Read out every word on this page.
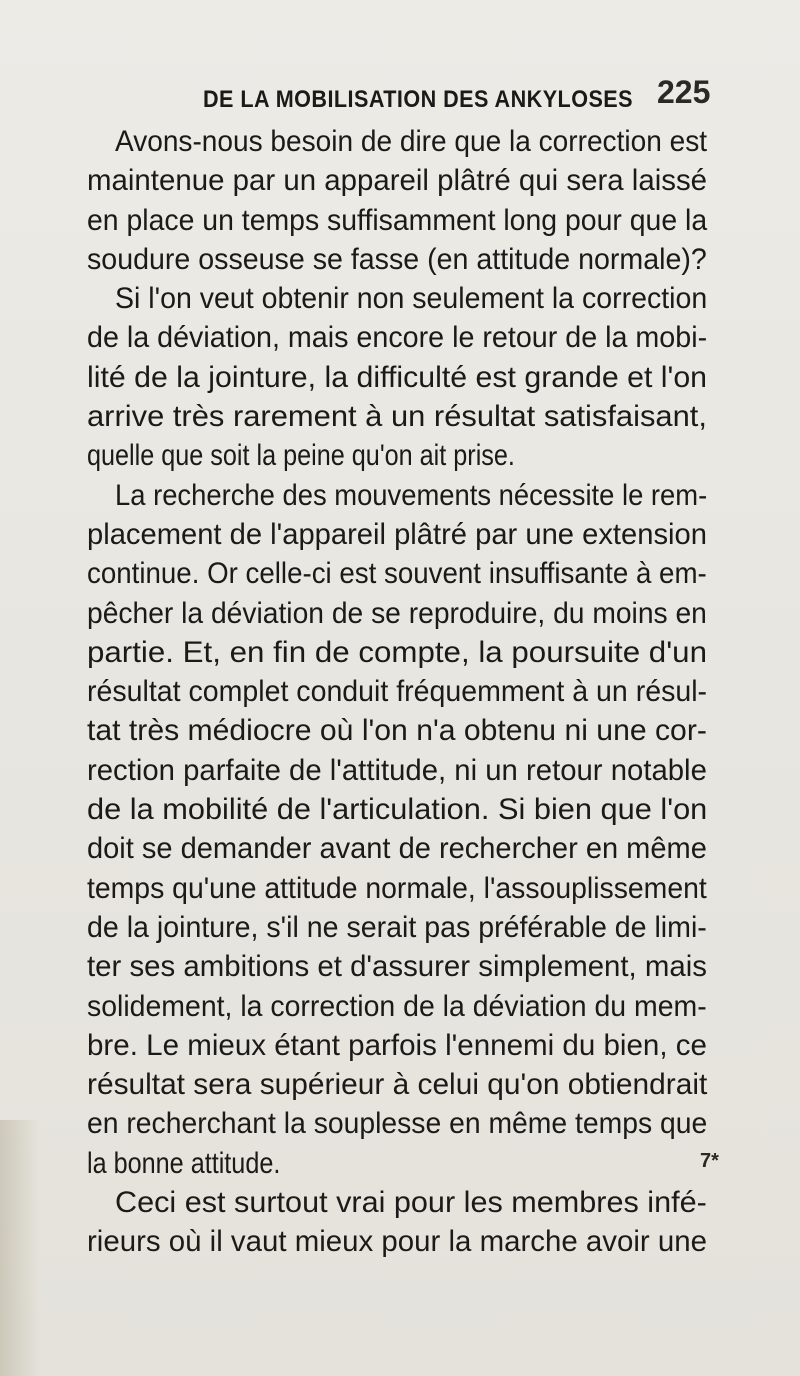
DE LA MOBILISATION DES ANKYLOSES 225
Avons-nous besoin de dire que la correction est
maintenue par un appareil plâtré qui sera laissé
en place un temps suffisamment long pour que la
soudure osseuse se fasse (en attitude normale)?
Si l'on veut obtenir non seulement la correction
de la déviation, mais encore le retour de la mobi-
lité de la jointure, la difficulté est grande et l'on
arrive très rarement à un résultat satisfaisant,
quelle que soit la peine qu'on ait prise.
La recherche des mouvements nécessite le rem-
placement de l'appareil plâtré par une extension
continue. Or celle-ci est souvent insuffisante à em-
pêcher la déviation de se reproduire, du moins en
partie. Et, en fin de compte, la poursuite d'un
résultat complet conduit fréquemment à un résul-
tat très médiocre où l'on n'a obtenu ni une cor-
rection parfaite de l'attitude, ni un retour notable
de la mobilité de l'articulation. Si bien que l'on
doit se demander avant de rechercher en même
temps qu'une attitude normale, l'assouplissement
de la jointure, s'il ne serait pas préférable de limi-
ter ses ambitions et d'assurer simplement, mais
solidement, la correction de la déviation du mem-
bre. Le mieux étant parfois l'ennemi du bien, ce
résultat sera supérieur à celui qu'on obtiendrait
en recherchant la souplesse en même temps que
la bonne attitude.
Ceci est surtout vrai pour les membres infé-
rieurs où il vaut mieux pour la marche avoir une
7*
